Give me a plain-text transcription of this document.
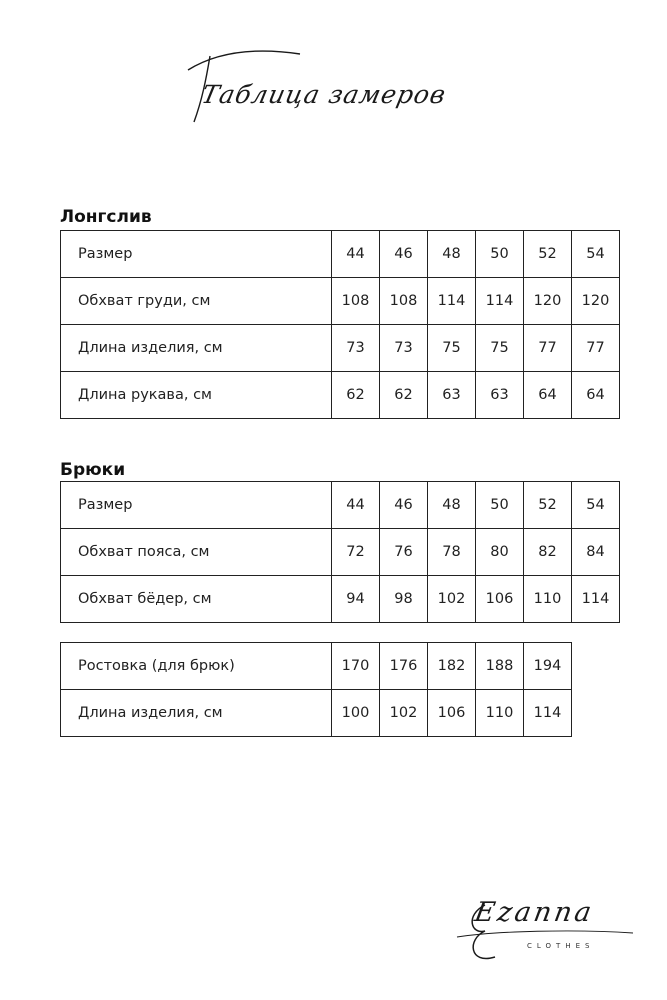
Таблица замеров
Лонгслив
Размер	44	46	48	50	52	54
Обхват груди, см	108	108	114	114	120	120
Длина изделия, см	73	73	75	75	77	77
Длина рукава, см	62	62	63	63	64	64
Брюки
Размер	44	46	48	50	52	54
Обхват пояса, см	72	76	78	80	82	84
Обхват бёдер, см	94	98	102	106	110	114
Ростовка (для брюк)	170	176	182	188	194
Длина изделия, см	100	102	106	110	114
Ezanna
CLOTHES
